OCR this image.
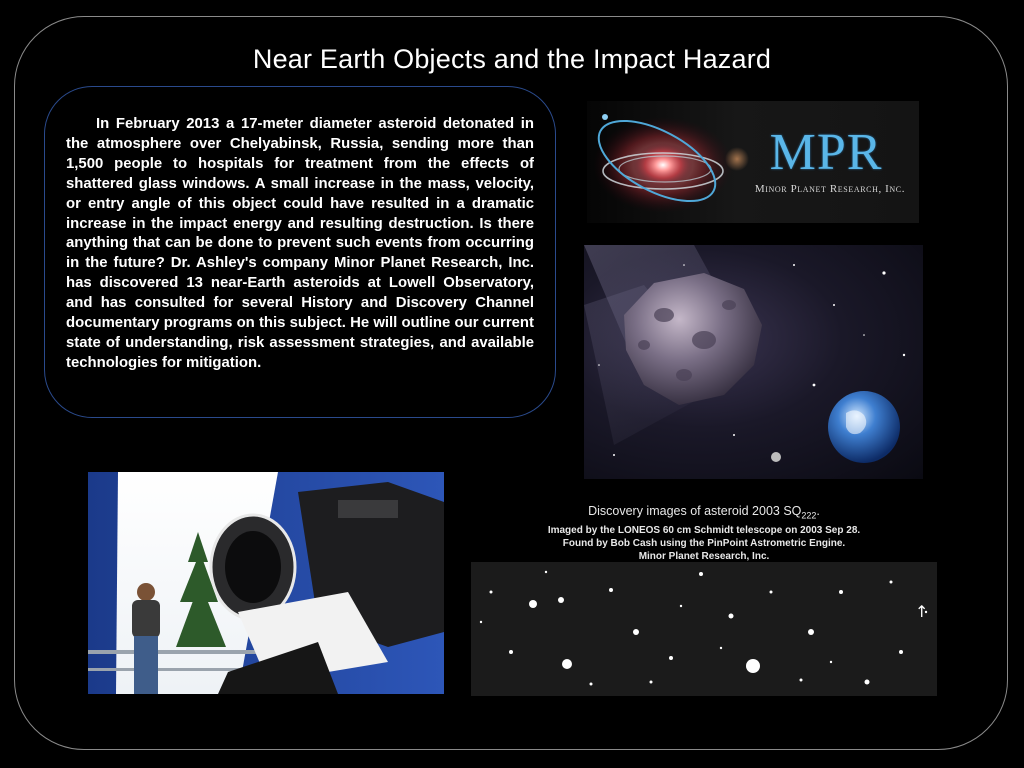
Near Earth Objects and the Impact Hazard

In February 2013 a 17-meter diameter asteroid detonated in the atmosphere over Chelyabinsk, Russia, sending more than 1,500 people to hospitals for treatment from the effects of shattered glass windows. A small increase in the mass, velocity, or entry angle of this object could have resulted in a dramatic increase in the impact energy and resulting destruction. Is there anything that can be done to prevent such events from occurring in the future? Dr. Ashley's company Minor Planet Research, Inc. has discovered 13 near-Earth asteroids at Lowell Observatory, and has consulted for several History and Discovery Channel documentary programs on this subject. He will outline our current state of understanding, risk assessment strategies, and available technologies for mitigation.

MPR
Minor Planet Research, Inc.
Discovery images of asteroid 2003 $SQ_{222}$.
Imaged by the LONEOS 60 cm Schmidt telescope on 2003 Sep 28.
Found by Bob Cash using the PinPoint Astrometric Engine.
Minor Planet Research, Inc.
↑
